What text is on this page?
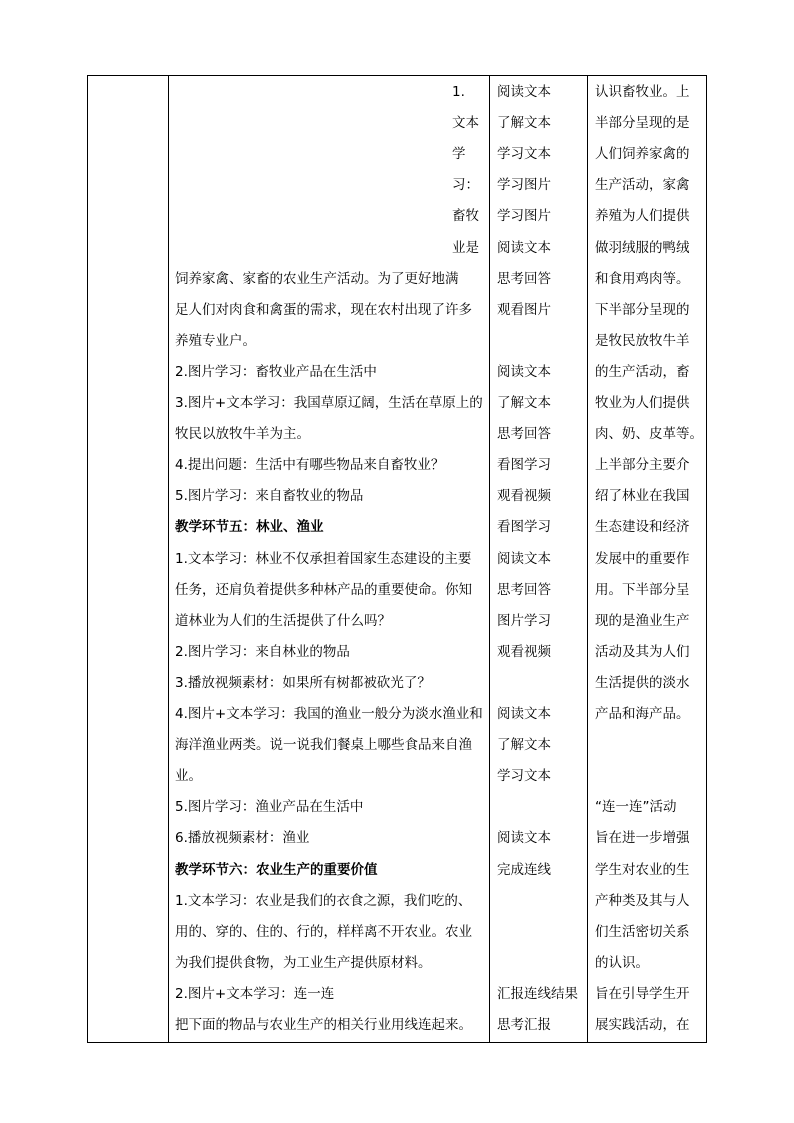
1.
文本
学
习：
畜牧
业是
饲养家禽、家畜的农业生产活动。为了更好地满
足人们对肉食和禽蛋的需求，现在农村出现了许多
养殖专业户。
2.图片学习：畜牧业产品在生活中
3.图片+文本学习：我国草原辽阔，生活在草原上的
牧民以放牧牛羊为主。
4.提出问题：生活中有哪些物品来自畜牧业？
5.图片学习：来自畜牧业的物品
教学环节五：林业、渔业
1.文本学习：林业不仅承担着国家生态建设的主要
任务，还肩负着提供多种林产品的重要使命。你知
道林业为人们的生活提供了什么吗？
2.图片学习：来自林业的物品
3.播放视频素材：如果所有树都被砍光了？
4.图片+文本学习：我国的渔业一般分为淡水渔业和
海洋渔业两类。说一说我们餐桌上哪些食品来自渔
业。
5.图片学习：渔业产品在生活中
6.播放视频素材：渔业
教学环节六：农业生产的重要价值
1.文本学习：农业是我们的衣食之源，我们吃的、
用的、穿的、住的、行的，样样离不开农业。农业
为我们提供食物，为工业生产提供原材料。
2.图片+文本学习：连一连
把下面的物品与农业生产的相关行业用线连起来。
阅读文本
了解文本
学习文本
学习图片
学习图片
阅读文本
思考回答
观看图片
阅读文本
了解文本
思考回答
看图学习
观看视频
看图学习
阅读文本
思考回答
图片学习
观看视频
阅读文本
了解文本
学习文本
阅读文本
完成连线
汇报连线结果
思考汇报
认识畜牧业。上
半部分呈现的是
人们饲养家禽的
生产活动，家禽
养殖为人们提供
做羽绒服的鸭绒
和食用鸡肉等。
下半部分呈现的
是牧民放牧牛羊
的生产活动，畜
牧业为人们提供
肉、奶、皮革等。
上半部分主要介
绍了林业在我国
生态建设和经济
发展中的重要作
用。下半部分呈
现的是渔业生产
活动及其为人们
生活提供的淡水
产品和海产品。
“连一连”活动
旨在进一步增强
学生对农业的生
产种类及其与人
们生活密切关系
的认识。
旨在引导学生开
展实践活动，在
